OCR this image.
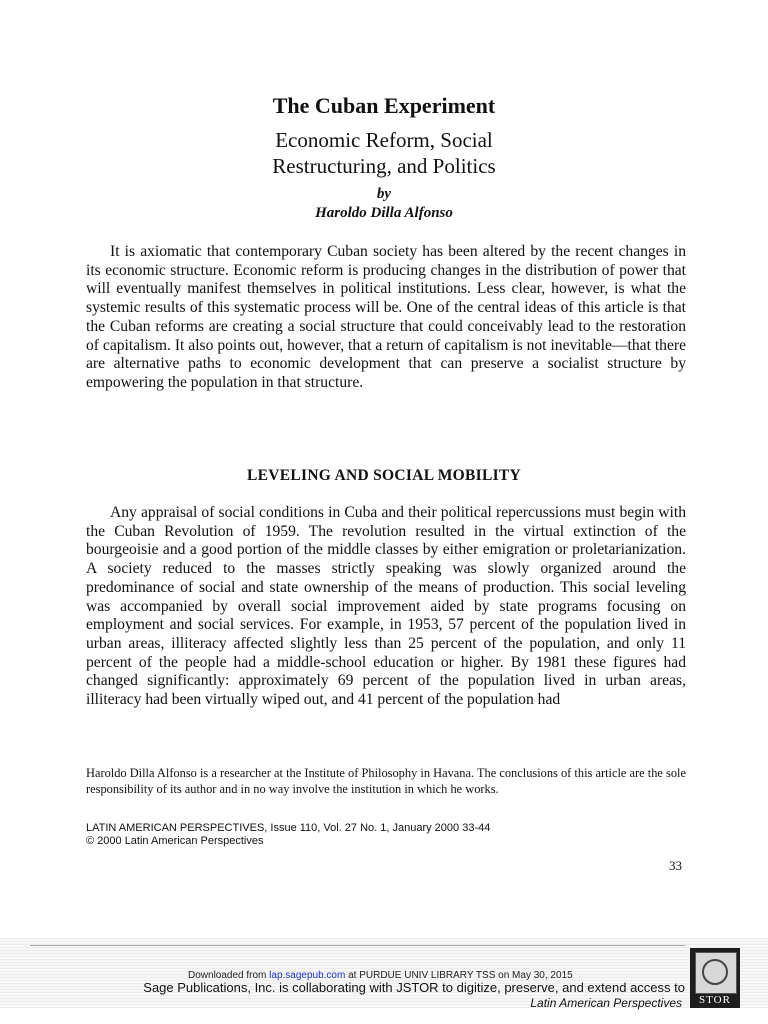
The Cuban Experiment
Economic Reform, Social
Restructuring, and Politics
by
Haroldo Dilla Alfonso

It is axiomatic that contemporary Cuban society has been altered by the recent changes in its economic structure. Economic reform is producing changes in the distribution of power that will eventually manifest themselves in political institutions. Less clear, however, is what the systemic results of this systematic process will be. One of the central ideas of this article is that the Cuban reforms are creating a social structure that could conceivably lead to the restoration of capitalism. It also points out, however, that a return of capitalism is not inevitable—that there are alternative paths to economic development that can preserve a socialist structure by empowering the population in that structure.

LEVELING AND SOCIAL MOBILITY

Any appraisal of social conditions in Cuba and their political repercussions must begin with the Cuban Revolution of 1959. The revolution resulted in the virtual extinction of the bourgeoisie and a good portion of the middle classes by either emigration or proletarianization. A society reduced to the masses strictly speaking was slowly organized around the predominance of social and state ownership of the means of production. This social leveling was accompanied by overall social improvement aided by state programs focusing on employment and social services. For example, in 1953, 57 percent of the population lived in urban areas, illiteracy affected slightly less than 25 percent of the population, and only 11 percent of the people had a middle-school education or higher. By 1981 these figures had changed significantly: approximately 69 percent of the population lived in urban areas, illiteracy had been virtually wiped out, and 41 percent of the population had

Haroldo Dilla Alfonso is a researcher at the Institute of Philosophy in Havana. The conclusions of this article are the sole responsibility of its author and in no way involve the institution in which he works.

LATIN AMERICAN PERSPECTIVES, Issue 110, Vol. 27 No. 1, January 2000 33-44
© 2000 Latin American Perspectives
33
Downloaded from lap.sagepub.com at PURDUE UNIV LIBRARY TSS on May 30, 2015
Sage Publications, Inc. is collaborating with JSTOR to digitize, preserve, and extend access to
Latin American Perspectives	STOR
